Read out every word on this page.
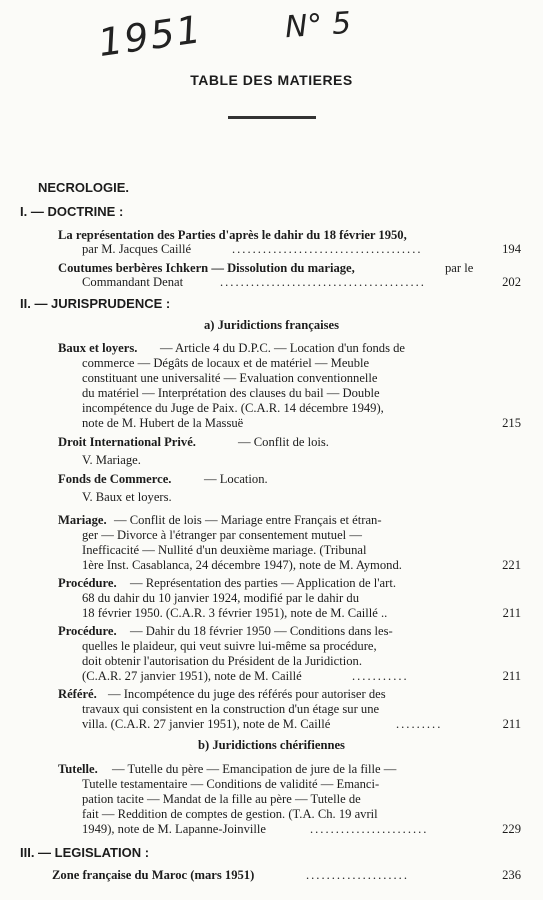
1951	N° 5
TABLE DES MATIERES
NECROLOGIE.
I. — DOCTRINE :
La représentation des Parties d'après le dahir du 18 février 1950,
par M. Jacques Caillé	.....................................	194
Coutumes berbères Ichkern — Dissolution du mariage,	par le
Commandant Denat	........................................	202
II. — JURISPRUDENCE :
a) Juridictions françaises
Baux et loyers. — Article 4 du D.P.C. — Location d'un fonds de
commerce — Dégâts de locaux et de matériel — Meuble
constituant une universalité — Evaluation conventionnelle
du matériel — Interprétation des clauses du bail — Double
incompétence du Juge de Paix. (C.A.R. 14 décembre 1949),
note de M. Hubert de la Massuë	215
Droit International Privé.	— Conflit de lois.
V. Mariage.
Fonds de Commerce.	— Location.
V. Baux et loyers.
Mariage. — Conflit de lois — Mariage entre Français et étran-
ger — Divorce à l'étranger par consentement mutuel —
Inefficacité — Nullité d'un deuxième mariage. (Tribunal
1ère Inst. Casablanca, 24 décembre 1947), note de M. Aymond.	221
Procédure. — Représentation des parties — Application de l'art.
68 du dahir du 10 janvier 1924, modifié par le dahir du
18 février 1950. (C.A.R. 3 février 1951), note de M. Caillé ..	211
Procédure. — Dahir du 18 février 1950 — Conditions dans les-
quelles le plaideur, qui veut suivre lui-même sa procédure,
doit obtenir l'autorisation du Président de la Juridiction.
(C.A.R. 27 janvier 1951), note de M. Caillé	...........	211
Référé. — Incompétence du juge des référés pour autoriser des
travaux qui consistent en la construction d'un étage sur une
villa. (C.A.R. 27 janvier 1951), note de M. Caillé	.........	211
b) Juridictions chérifiennes
Tutelle. — Tutelle du père — Emancipation de jure de la fille —
Tutelle testamentaire — Conditions de validité — Emanci-
pation tacite — Mandat de la fille au père — Tutelle de
fait — Reddition de comptes de gestion. (T.A. Ch. 19 avril
1949), note de M. Lapanne-Joinville	.......................	229
III. — LEGISLATION :
Zone française du Maroc (mars 1951)	....................	236
